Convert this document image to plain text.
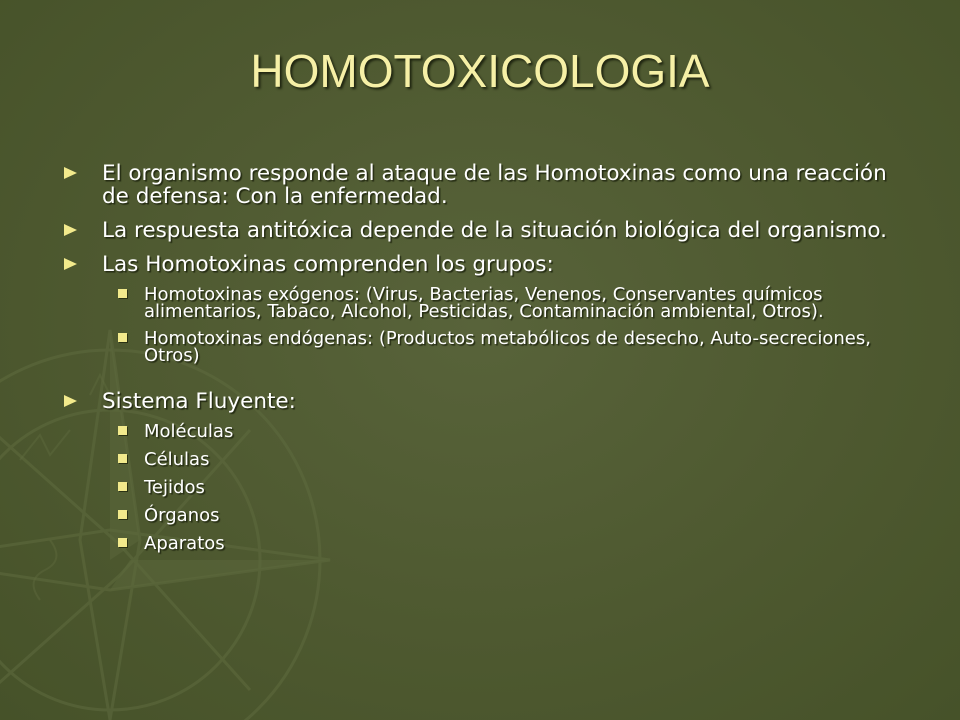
HOMOTOXICOLOGIA
El organismo responde al ataque de las Homotoxinas como una reacción de defensa: Con la enfermedad.
La respuesta antitóxica depende de la situación biológica del organismo.
Las Homotoxinas comprenden los grupos:
Homotoxinas exógenos: (Virus, Bacterias, Venenos, Conservantes químicos alimentarios, Tabaco, Alcohol, Pesticidas, Contaminación ambiental, Otros).
Homotoxinas endógenas: (Productos metabólicos de desecho, Auto-secreciones, Otros)
Sistema Fluyente:
Moléculas
Células
Tejidos
Órganos
Aparatos
